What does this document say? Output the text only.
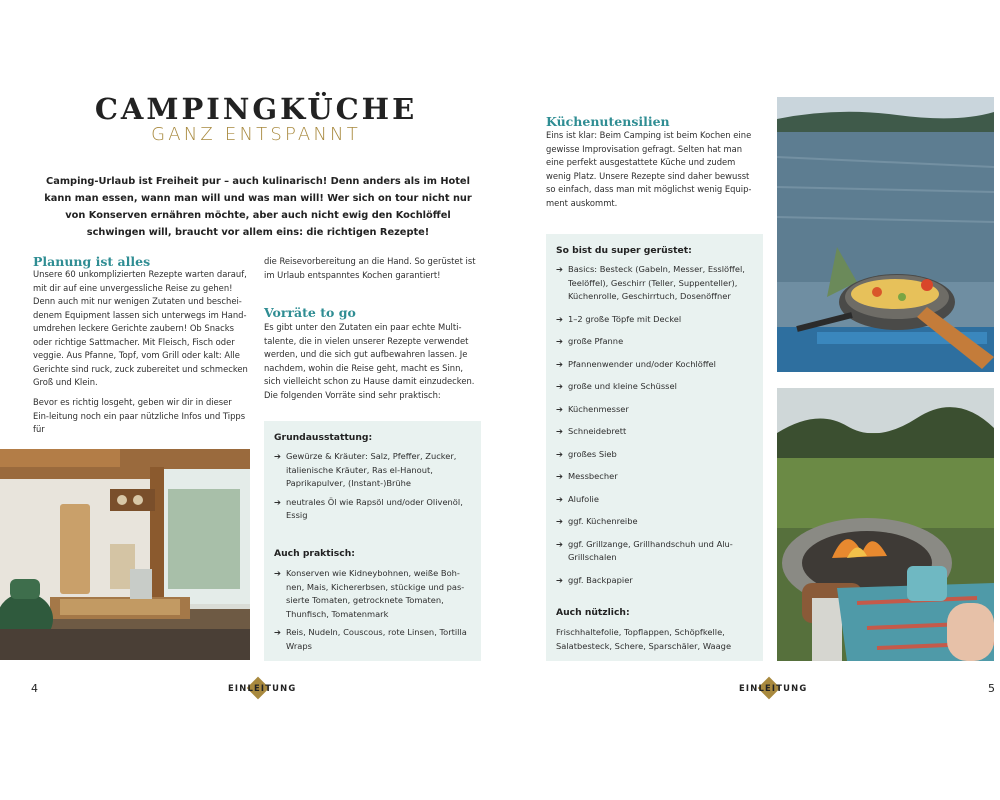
CAMPINGKÜCHE
GANZ ENTSPANNT
Camping-Urlaub ist Freiheit pur – auch kulinarisch! Denn anders als im Hotel kann man essen, wann man will und was man will! Wer sich on tour nicht nur von Konserven ernähren möchte, aber auch nicht ewig den Kochlöffel schwingen will, braucht vor allem eins: die richtigen Rezepte!
Planung ist alles
Unsere 60 unkomplizierten Rezepte warten darauf, mit dir auf eine unvergessliche Reise zu gehen! Denn auch mit nur wenigen Zutaten und beschei-denem Equipment lassen sich unterwegs im Hand-umdrehen leckere Gerichte zaubern! Ob Snacks oder richtige Sattmacher. Mit Fleisch, Fisch oder veggie. Aus Pfanne, Topf, vom Grill oder kalt: Alle Gerichte sind ruck, zuck zubereitet und schmecken Groß und Klein.
Bevor es richtig losgeht, geben wir dir in dieser Ein-leitung noch ein paar nützliche Infos und Tipps für
die Reisevorbereitung an die Hand. So gerüstet ist im Urlaub entspanntes Kochen garantiert!
Vorräte to go
Es gibt unter den Zutaten ein paar echte Multi-talente, die in vielen unserer Rezepte verwendet werden, und die sich gut aufbewahren lassen. Je nachdem, wohin die Reise geht, macht es Sinn, sich vielleicht schon zu Hause damit einzudecken. Die folgenden Vorräte sind sehr praktisch:
Grundausstattung:
➔ Gewürze & Kräuter: Salz, Pfeffer, Zucker, italienische Kräuter, Ras el-Hanout, Paprikapulver, (Instant-)Brühe
➔ neutrales Öl wie Rapsöl und/oder Olivenöl, Essig
Auch praktisch:
➔ Konserven wie Kidneybohnen, weiße Boh-nen, Mais, Kichererbsen, stückige und pas-sierte Tomaten, getrocknete Tomaten, Thunfisch, Tomatenmark
➔ Reis, Nudeln, Couscous, rote Linsen, Tortilla Wraps
4	EINLEITUNG
Küchenutensilien
Eins ist klar: Beim Camping ist beim Kochen eine gewisse Improvisation gefragt. Selten hat man eine perfekt ausgestattete Küche und zudem wenig Platz. Unsere Rezepte sind daher bewusst so einfach, dass man mit möglichst wenig Equip-ment auskommt.
So bist du super gerüstet:
➔ Basics: Besteck (Gabeln, Messer, Esslöffel, Teelöffel), Geschirr (Teller, Suppenteller), Küchenrolle, Geschirrtuch, Dosenöffner
➔ 1–2 große Töpfe mit Deckel
➔ große Pfanne
➔ Pfannenwender und/oder Kochlöffel
➔ große und kleine Schüssel
➔ Küchenmesser
➔ Schneidebrett
➔ großes Sieb
➔ Messbecher
➔ Alufolie
➔ ggf. Küchenreibe
➔ ggf. Grillzange, Grillhandschuh und Alu-Grillschalen
➔ ggf. Backpapier
Auch nützlich:
Frischhaltefolie, Topflappen, Schöpfkelle, Salatbesteck, Schere, Sparschäler, Waage
EINLEITUNG	5
